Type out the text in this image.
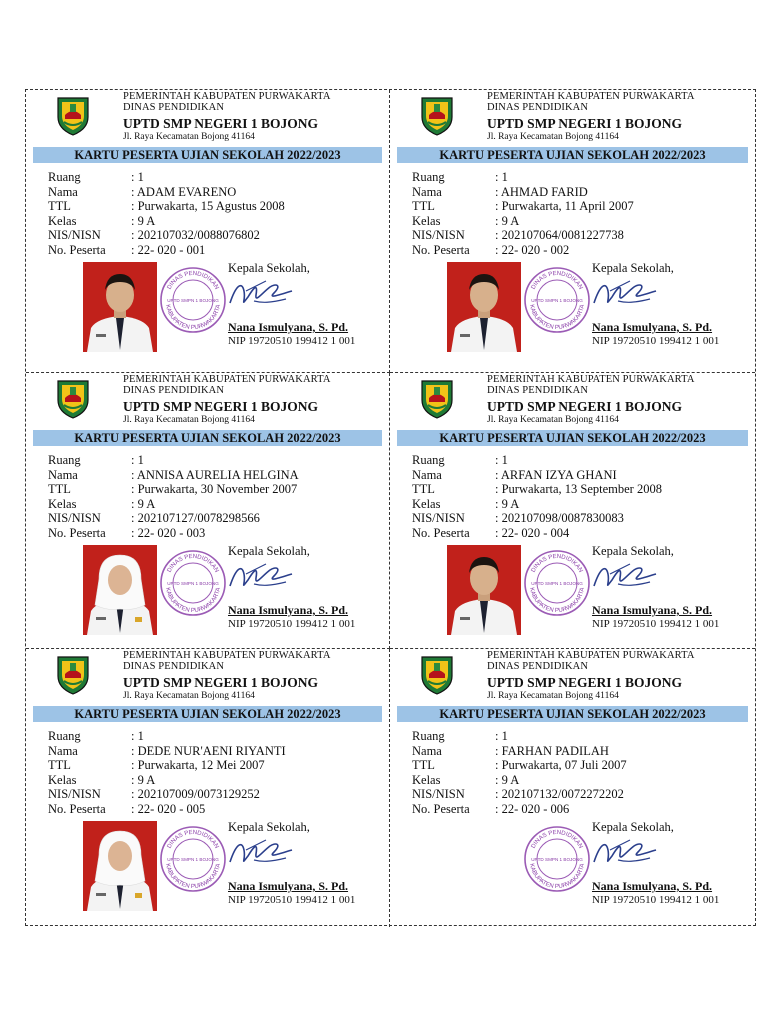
PEMERINTAH KABUPATEN PURWAKARTA
DINAS PENDIDIKAN
UPTD SMP NEGERI 1 BOJONG
Jl. Raya Kecamatan Bojong 41164
KARTU PESERTA UJIAN SEKOLAH 2022/2023
Ruang	: 1
Nama	: ADAM EVARENO
TTL	: Purwakarta, 15 Agustus 2008
Kelas	: 9 A
NIS/NISN	: 202107032/0088076802
No. Peserta	: 22- 020 - 001
DINAS PENDIDIKAN
KABUPATEN PURWAKARTA
UPTD SMPN 1 BOJONG
Kepala Sekolah,
Nana Ismulyana, S. Pd.
NIP 19720510 199412 1 001
PEMERINTAH KABUPATEN PURWAKARTA
DINAS PENDIDIKAN
UPTD SMP NEGERI 1 BOJONG
Jl. Raya Kecamatan Bojong 41164
KARTU PESERTA UJIAN SEKOLAH 2022/2023
Ruang	: 1
Nama	: AHMAD FARID
TTL	: Purwakarta, 11 April 2007
Kelas	: 9 A
NIS/NISN	: 202107064/0081227738
No. Peserta	: 22- 020 - 002
DINAS PENDIDIKAN
KABUPATEN PURWAKARTA
UPTD SMPN 1 BOJONG
Kepala Sekolah,
Nana Ismulyana, S. Pd.
NIP 19720510 199412 1 001
PEMERINTAH KABUPATEN PURWAKARTA
DINAS PENDIDIKAN
UPTD SMP NEGERI 1 BOJONG
Jl. Raya Kecamatan Bojong 41164
KARTU PESERTA UJIAN SEKOLAH 2022/2023
Ruang	: 1
Nama	: ANNISA AURELIA HELGINA
TTL	: Purwakarta, 30 November 2007
Kelas	: 9 A
NIS/NISN	: 202107127/0078298566
No. Peserta	: 22- 020 - 003
DINAS PENDIDIKAN
KABUPATEN PURWAKARTA
UPTD SMPN 1 BOJONG
Kepala Sekolah,
Nana Ismulyana, S. Pd.
NIP 19720510 199412 1 001
PEMERINTAH KABUPATEN PURWAKARTA
DINAS PENDIDIKAN
UPTD SMP NEGERI 1 BOJONG
Jl. Raya Kecamatan Bojong 41164
KARTU PESERTA UJIAN SEKOLAH 2022/2023
Ruang	: 1
Nama	: ARFAN IZYA GHANI
TTL	: Purwakarta, 13 September 2008
Kelas	: 9 A
NIS/NISN	: 202107098/0087830083
No. Peserta	: 22- 020 - 004
DINAS PENDIDIKAN
KABUPATEN PURWAKARTA
UPTD SMPN 1 BOJONG
Kepala Sekolah,
Nana Ismulyana, S. Pd.
NIP 19720510 199412 1 001
PEMERINTAH KABUPATEN PURWAKARTA
DINAS PENDIDIKAN
UPTD SMP NEGERI 1 BOJONG
Jl. Raya Kecamatan Bojong 41164
KARTU PESERTA UJIAN SEKOLAH 2022/2023
Ruang	: 1
Nama	: DEDE NUR'AENI RIYANTI
TTL	: Purwakarta, 12 Mei 2007
Kelas	: 9 A
NIS/NISN	: 202107009/0073129252
No. Peserta	: 22- 020 - 005
DINAS PENDIDIKAN
KABUPATEN PURWAKARTA
UPTD SMPN 1 BOJONG
Kepala Sekolah,
Nana Ismulyana, S. Pd.
NIP 19720510 199412 1 001
PEMERINTAH KABUPATEN PURWAKARTA
DINAS PENDIDIKAN
UPTD SMP NEGERI 1 BOJONG
Jl. Raya Kecamatan Bojong 41164
KARTU PESERTA UJIAN SEKOLAH 2022/2023
Ruang	: 1
Nama	: FARHAN PADILAH
TTL	: Purwakarta, 07 Juli 2007
Kelas	: 9 A
NIS/NISN	: 202107132/0072272202
No. Peserta	: 22- 020 - 006
DINAS PENDIDIKAN
KABUPATEN PURWAKARTA
UPTD SMPN 1 BOJONG
Kepala Sekolah,
Nana Ismulyana, S. Pd.
NIP 19720510 199412 1 001
